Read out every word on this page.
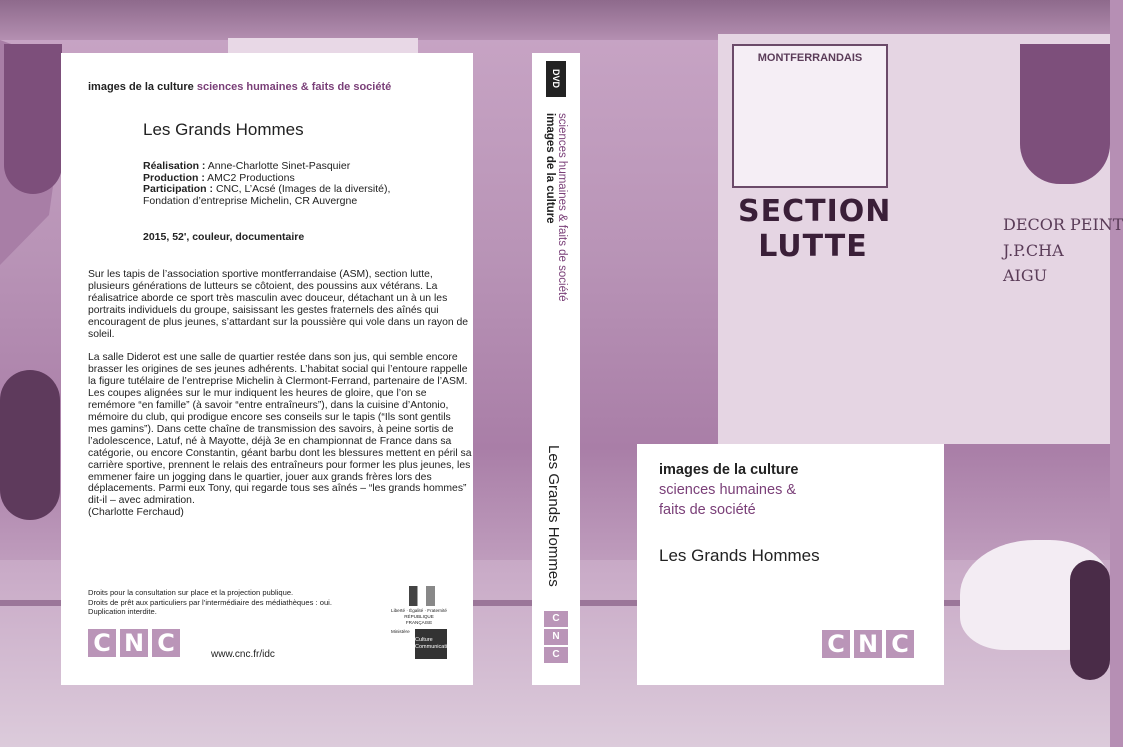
MONTFERRANDAIS
SECTION
LUTTE
DECOR PEINT
J.P.CHA
AIGU
images de la culture sciences humaines & faits de société
Les Grands Hommes
Réalisation : Anne-Charlotte Sinet-Pasquier
Production : AMC2 Productions
Participation : CNC, L’Acsé (Images de la diversité),
Fondation d’entreprise Michelin, CR Auvergne
2015, 52', couleur, documentaire

Sur les tapis de l’association sportive montferrandaise (ASM), section lutte, plusieurs générations de lutteurs se côtoient, des poussins aux vétérans. La réalisatrice aborde ce sport très masculin avec douceur, détachant un à un les portraits individuels du groupe, saisissant les gestes fraternels des aînés qui encouragent de plus jeunes, s’attardant sur la poussière qui vole dans un rayon de soleil.

La salle Diderot est une salle de quartier restée dans son jus, qui semble encore brasser les origines de ses jeunes adhérents. L’habitat social qui l’entoure rappelle la figure tutélaire de l’entreprise Michelin à Clermont-Ferrand, partenaire de l’ASM. Les coupes alignées sur le mur indiquent les heures de gloire, que l’on se remémore “en famille” (à savoir “entre entraîneurs”), dans la cuisine d’Antonio, mémoire du club, qui prodigue encore ses conseils sur le tapis (“Ils sont gentils mes gamins”). Dans cette chaîne de transmission des savoirs, à peine sortis de l’adolescence, Latuf, né à Mayotte, déjà 3e en championnat de France dans sa catégorie, ou encore Constantin, géant barbu dont les blessures mettent en péril sa carrière sportive, prennent le relais des entraîneurs pour former les plus jeunes, les emmener faire un jogging dans le quartier, jouer aux grands frères lors des déplacements. Parmi eux Tony, qui regarde tous ses aînés – “les grands hommes” dit-il – avec admiration.

(Charlotte Ferchaud)
Droits pour la consultation sur place et la projection publique.
Droits de prêt aux particuliers par l’intermédiaire des médiathèques : oui.
Duplication interdite.
C N C	www.cnc.fr/idc
Liberté · Égalité · Fraternité
RÉPUBLIQUE FRANÇAISE
Ministère
Culture
Communication
DVD
images de la culture sciences humaines & faits de société
Les Grands Hommes
C
N
C
images de la culture
sciences humaines &
faits de société
Les Grands Hommes
C N C
